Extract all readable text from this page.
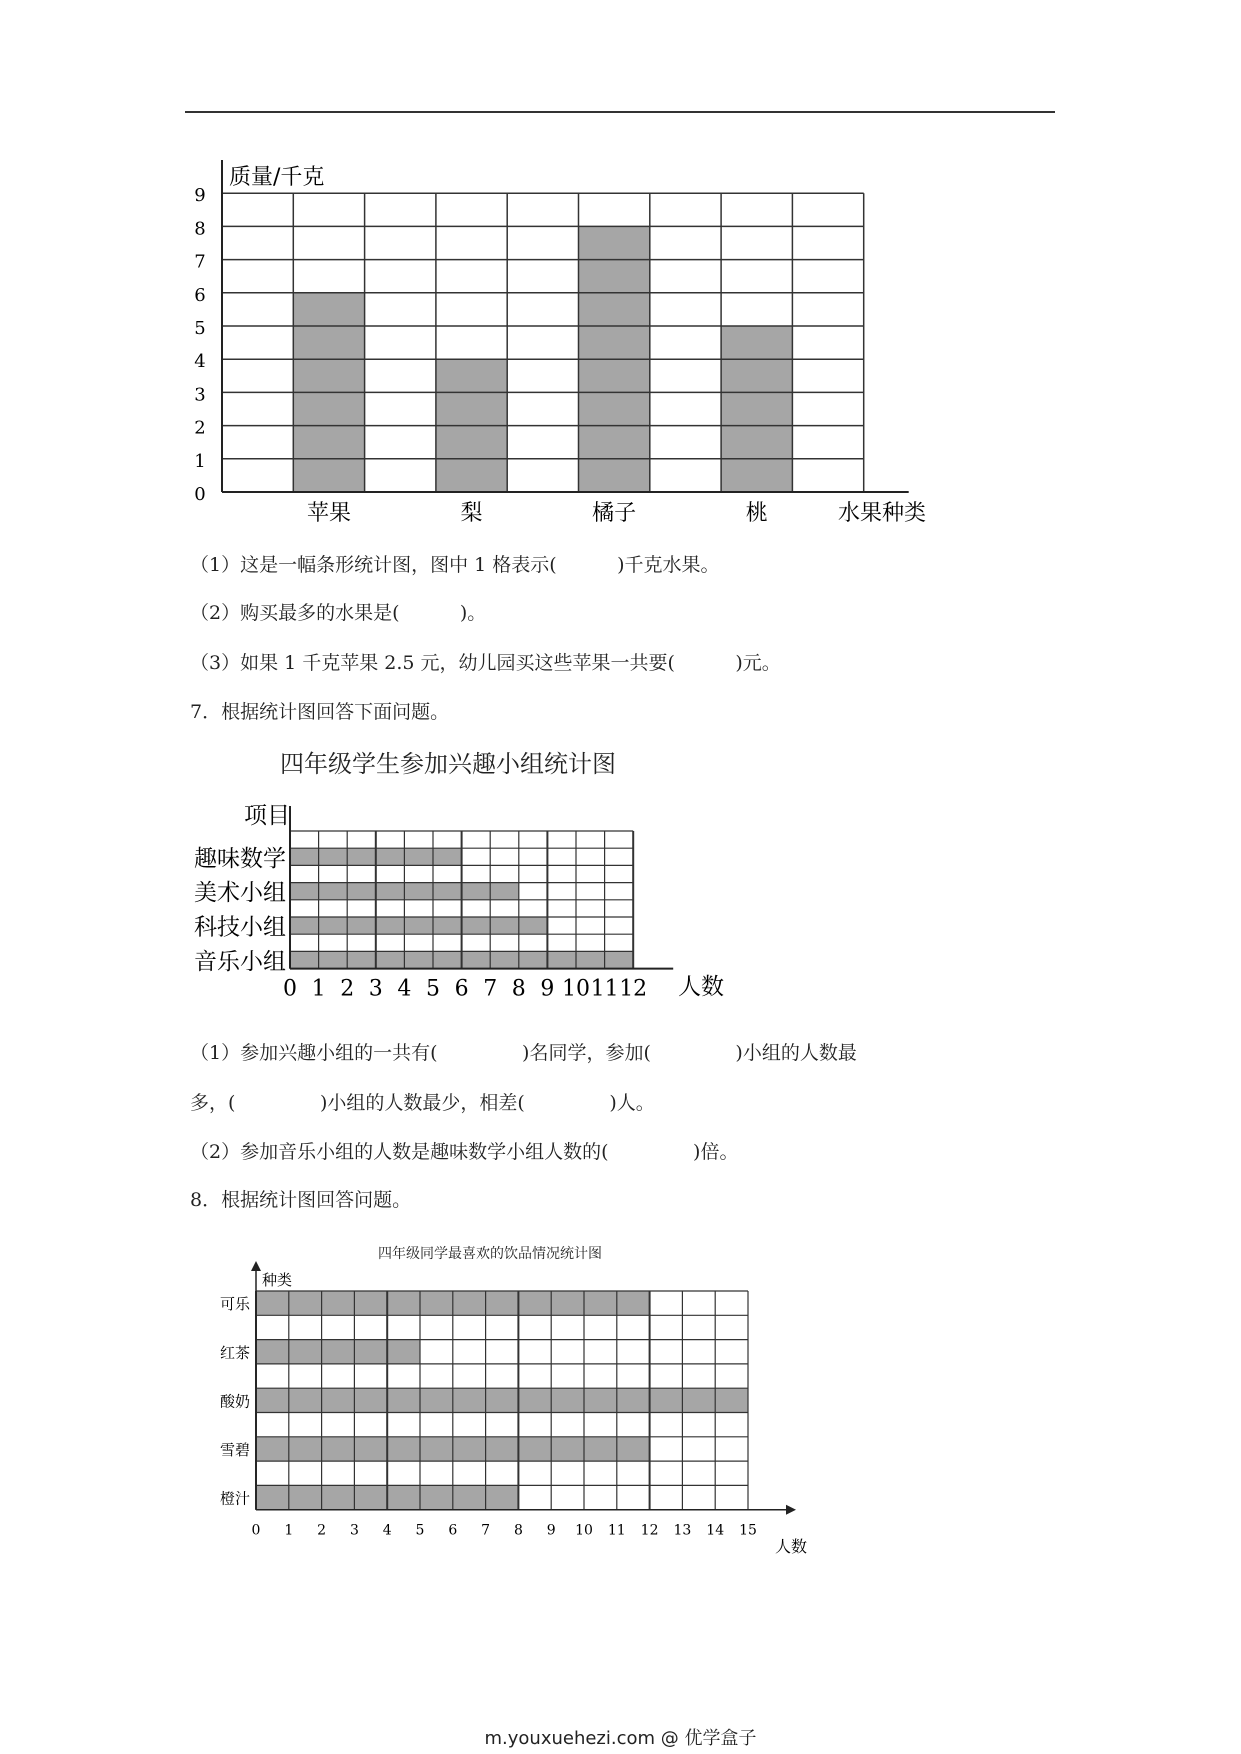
0
1
2
3
4
5
6
7
8
9
质量/千克
苹果	梨	橘子	桃	水果种类
（1）这是一幅条形统计图，图中 1 格表示(          )千克水果。
（2）购买最多的水果是(          )。
（3）如果 1 千克苹果 2.5 元，幼儿园买这些苹果一共要(          )元。
7．根据统计图回答下面问题。
四年级学生参加兴趣小组统计图
趣味数学
美术小组
科技小组
音乐小组
0 1 2 3 4 5 6 7 8 9 10 11 12
项目
人数
（1）参加兴趣小组的一共有(              )名同学，参加(              )小组的人数最
多，(              )小组的人数最少，相差(              )人。
（2）参加音乐小组的人数是趣味数学小组人数的(              )倍。
8．根据统计图回答问题。
四年级同学最喜欢的饮品情况统计图
可乐
红茶
酸奶
雪碧
橙汁
0 1 2 3 4 5 6 7 8 9 10 11 12 13 14 15
种类
人数
m.youxuehezi.com @ 优学盒子
